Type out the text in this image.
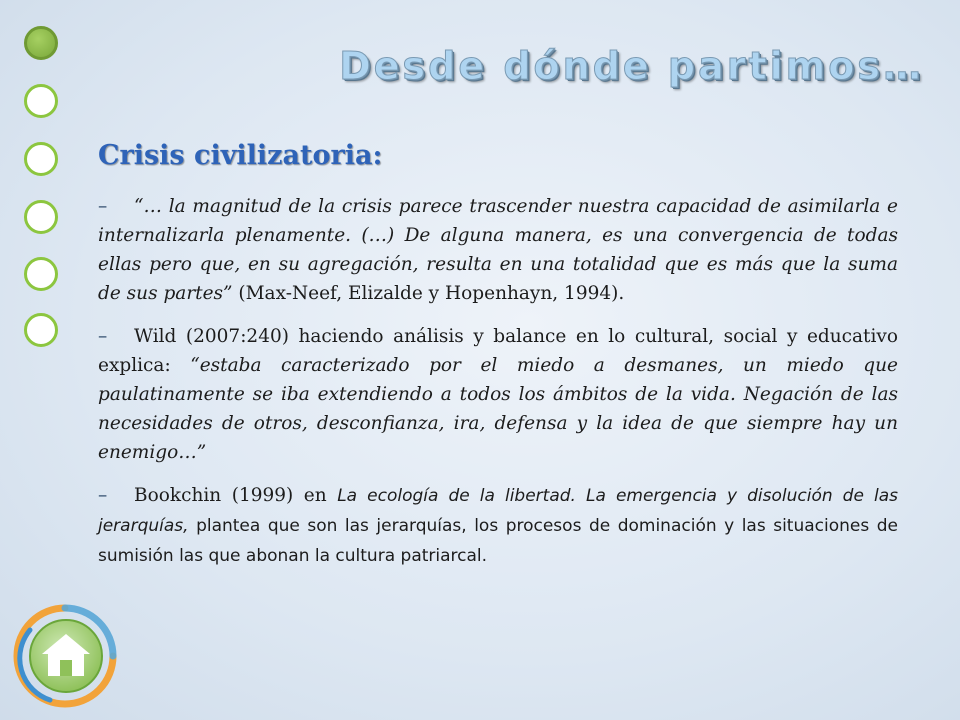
Desde dónde partimos…
Crisis civilizatoria:

– “… la magnitud de la crisis parece trascender nuestra capacidad de asimilarla e internalizarla plenamente. (…) De alguna manera, es una convergencia de todas ellas pero que, en su agregación, resulta en una totalidad que es más que la suma de sus partes” (Max-Neef, Elizalde y Hopenhayn, 1994).

– Wild (2007:240) haciendo análisis y balance en lo cultural, social y educativo explica: “estaba caracterizado por el miedo a desmanes, un miedo que paulatinamente se iba extendiendo a todos los ámbitos de la vida. Negación de las necesidades de otros, desconfianza, ira, defensa y la idea de que siempre hay un enemigo…”

– Bookchin (1999) en La ecología de la libertad. La emergencia y disolución de las jerarquías, plantea que son las jerarquías, los procesos de dominación y las situaciones de sumisión las que abonan la cultura patriarcal.
